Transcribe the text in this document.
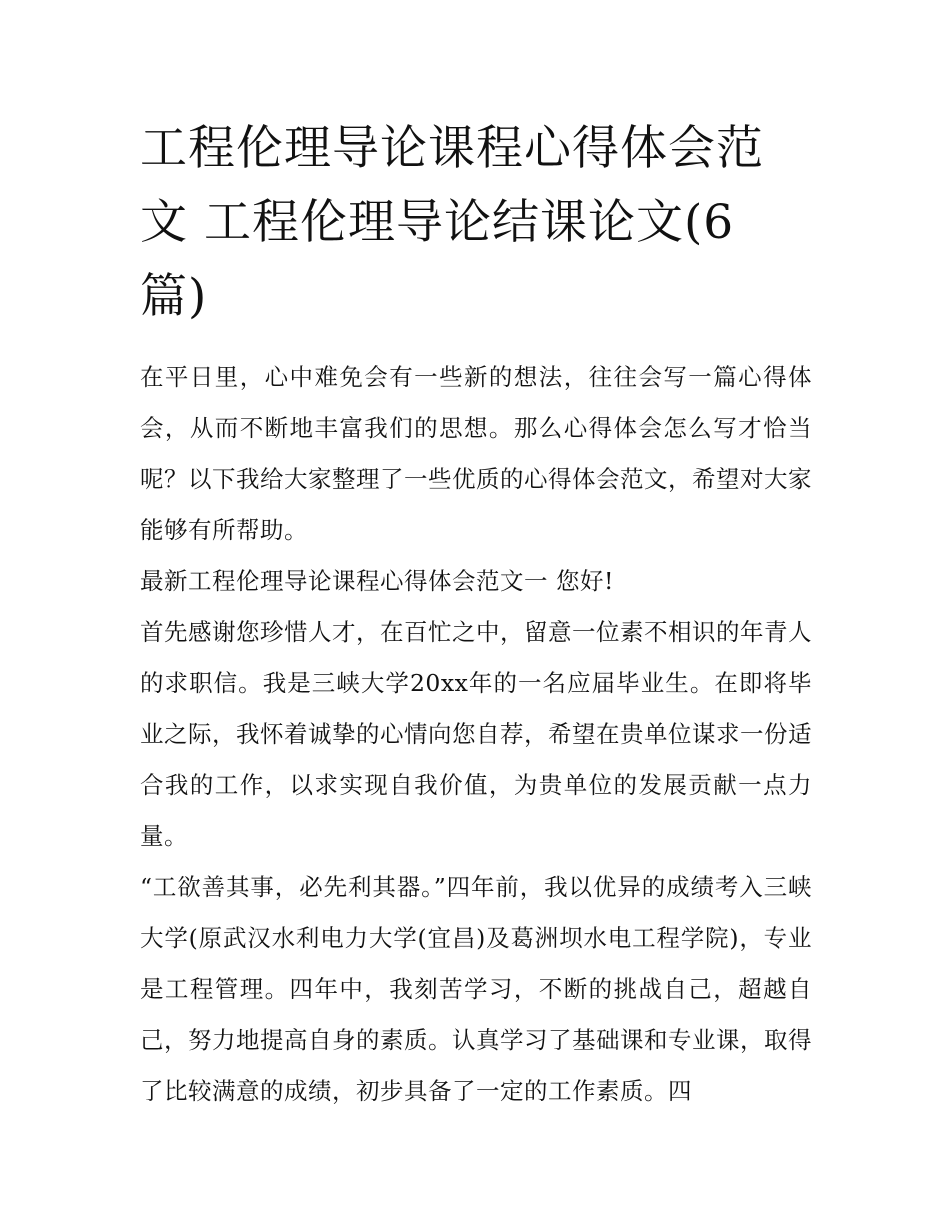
工程伦理导论课程心得体会范文 工程伦理导论结课论文(6篇)

在平日里，心中难免会有一些新的想法，往往会写一篇心得体会，从而不断地丰富我们的思想。那么心得体会怎么写才恰当呢？以下我给大家整理了一些优质的心得体会范文，希望对大家能够有所帮助。

最新工程伦理导论课程心得体会范文一 您好!

首先感谢您珍惜人才，在百忙之中，留意一位素不相识的年青人的求职信。我是三峡大学20xx年的一名应届毕业生。在即将毕业之际，我怀着诚挚的心情向您自荐，希望在贵单位谋求一份适合我的工作，以求实现自我价值，为贵单位的发展贡献一点力量。

“工欲善其事，必先利其器。”四年前，我以优异的成绩考入三峡大学(原武汉水利电力大学(宜昌)及葛洲坝水电工程学院)，专业是工程管理。四年中，我刻苦学习，不断的挑战自己，超越自己，努力地提高自身的素质。认真学习了基础课和专业课，取得了比较满意的成绩，初步具备了一定的工作素质。四
